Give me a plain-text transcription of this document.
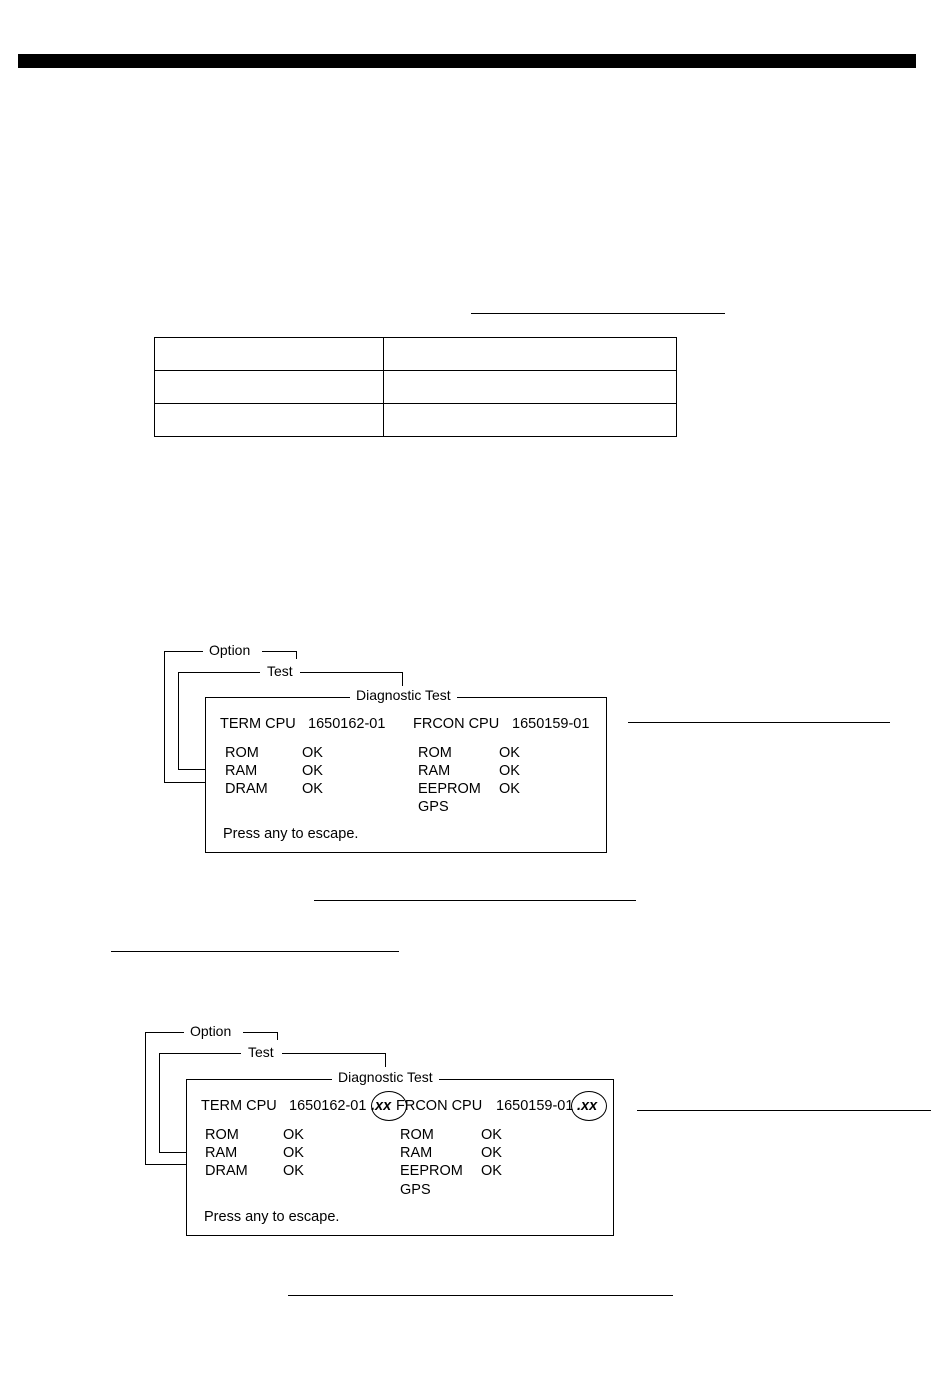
Option
Test
Diagnostic Test
TERM CPU 1650162-01 FRCON CPU 1650159-01
ROM	OK
RAM	OK
DRAM OK
ROM	OK
RAM	OK
EEPROM OK
GPS
Press any to escape.
Option
Test
Diagnostic Test
TERM CPU 1650162-01 .xx FRCON CPU 1650159-01 .xx
ROM	OK
RAM	OK
DRAM OK
ROM	OK
RAM	OK
EEPROM OK
GPS
Press any to escape.
